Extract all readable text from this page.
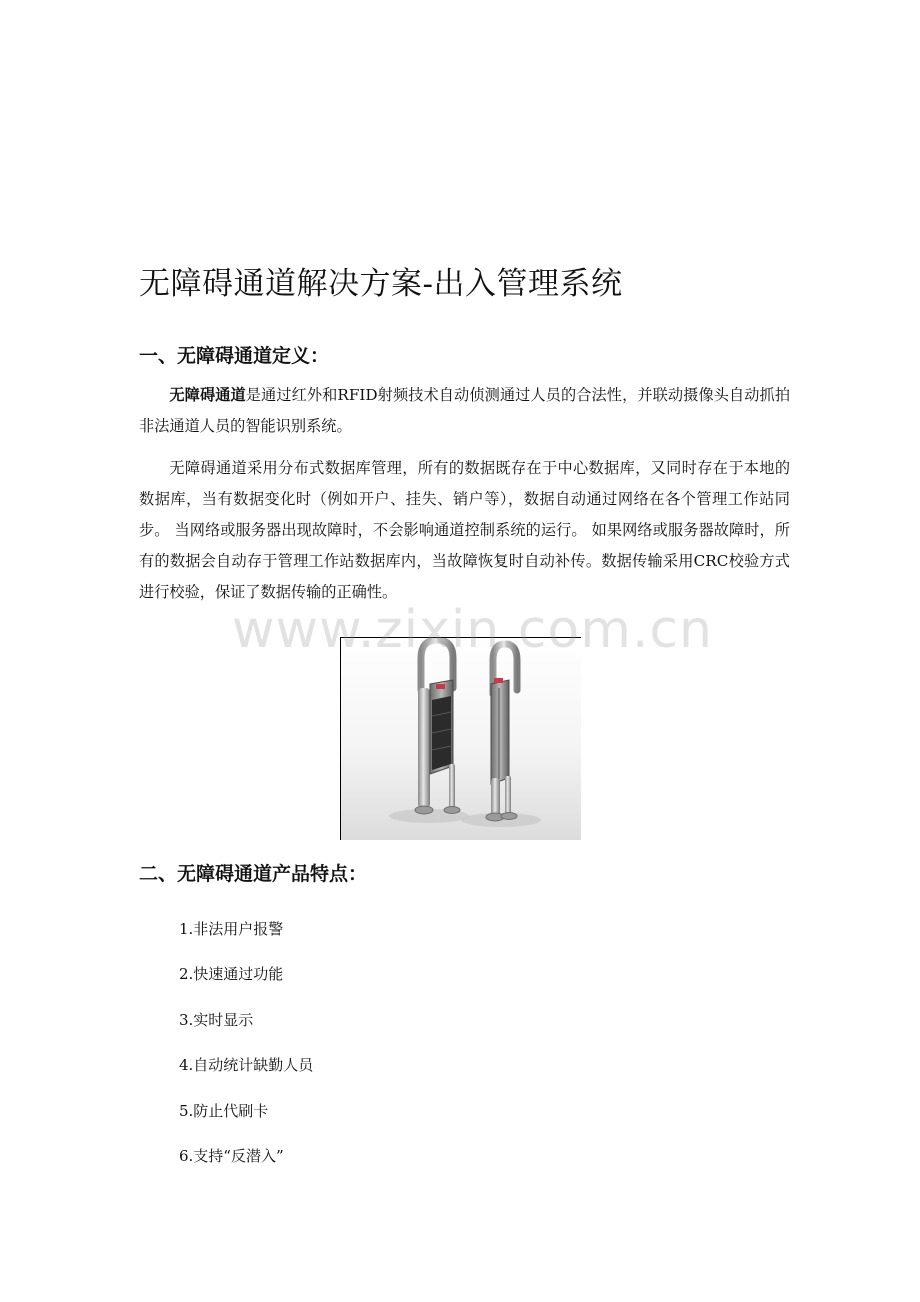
无障碍通道解决方案-出入管理系统
一、无障碍通道定义：

无障碍通道是通过红外和RFID射频技术自动侦测通过人员的合法性，并联动摄像头自动抓拍非法通道人员的智能识别系统。

无障碍通道采用分布式数据库管理，所有的数据既存在于中心数据库，又同时存在于本地的数据库，当有数据变化时（例如开户、挂失、销户等），数据自动通过网络在各个管理工作站同步。 当网络或服务器出现故障时，不会影响通道控制系统的运行。 如果网络或服务器故障时，所有的数据会自动存于管理工作站数据库内，当故障恢复时自动补传。数据传输采用CRC校验方式进行校验，保证了数据传输的正确性。

www.zixin.com.cn
二、无障碍通道产品特点：
1.非法用户报警
2.快速通过功能
3.实时显示
4.自动统计缺勤人员
5.防止代刷卡
6.支持“反潜入”
